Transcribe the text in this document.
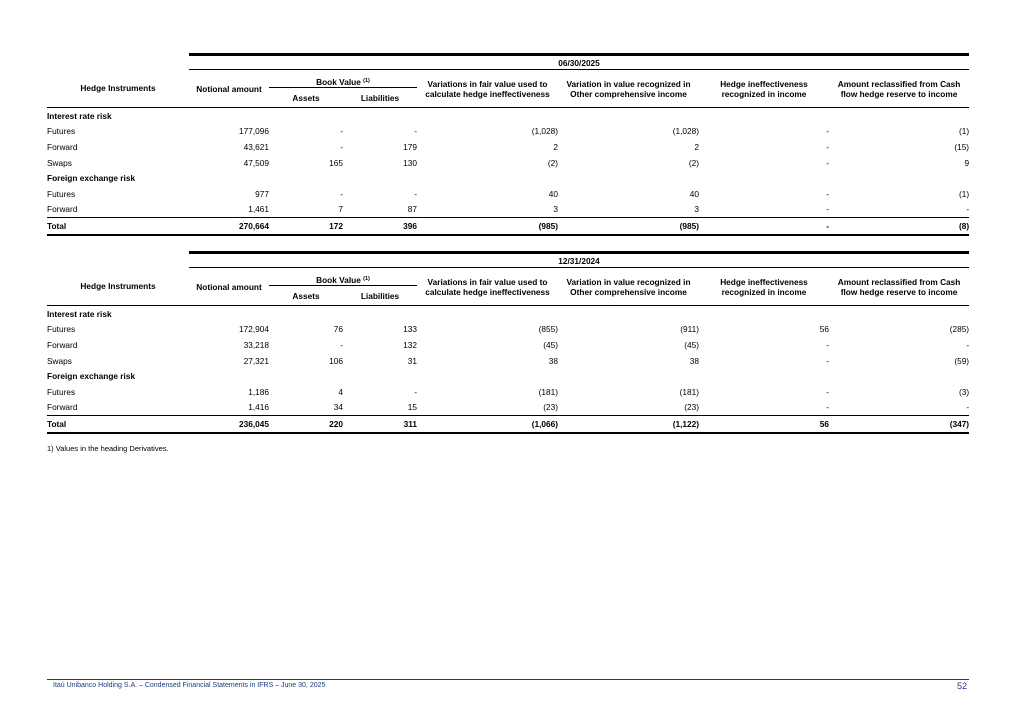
	06/30/2025						
Hedge Instruments	Notional amount	Book Value $^{(1)}$		Variations in fair value used to calculate hedge ineffectiveness	Variation in value recognized in Other comprehensive income	Hedge ineffectiveness recognized in income	Amount reclassified from Cash flow hedge reserve to income
		Assets	Liabilities				

Interest rate risk							
Futures	177,096	-	-	(1,028)	(1,028)	-	(1)
Forward	43,621	-	179	2	2	-	(15)
Swaps	47,509	165	130	(2)	(2)	-	9
Foreign exchange risk							
Futures	977	-	-	40	40	-	(1)
Forward	1,461	7	87	3	3	-	-
Total	270,664	172	396	(985)	(985)	-	(8)
	12/31/2024						
Hedge Instruments	Notional amount	Book Value $^{(1)}$		Variations in fair value used to calculate hedge ineffectiveness	Variation in value recognized in Other comprehensive income	Hedge ineffectiveness recognized in income	Amount reclassified from Cash flow hedge reserve to income
		Assets	Liabilities				

Interest rate risk							
Futures	172,904	76	133	(855)	(911)	56	(285)
Forward	33,218	-	132	(45)	(45)	-	-
Swaps	27,321	106	31	38	38	-	(59)
Foreign exchange risk							
Futures	1,186	4	-	(181)	(181)	-	(3)
Forward	1,416	34	15	(23)	(23)	-	-
Total	236,045	220	311	(1,066)	(1,122)	56	(347)
1) Values in the heading Derivatives.
Itaú Unibanco Holding S.A. – Condensed Financial Statements in IFRS – June 30, 2025	52
